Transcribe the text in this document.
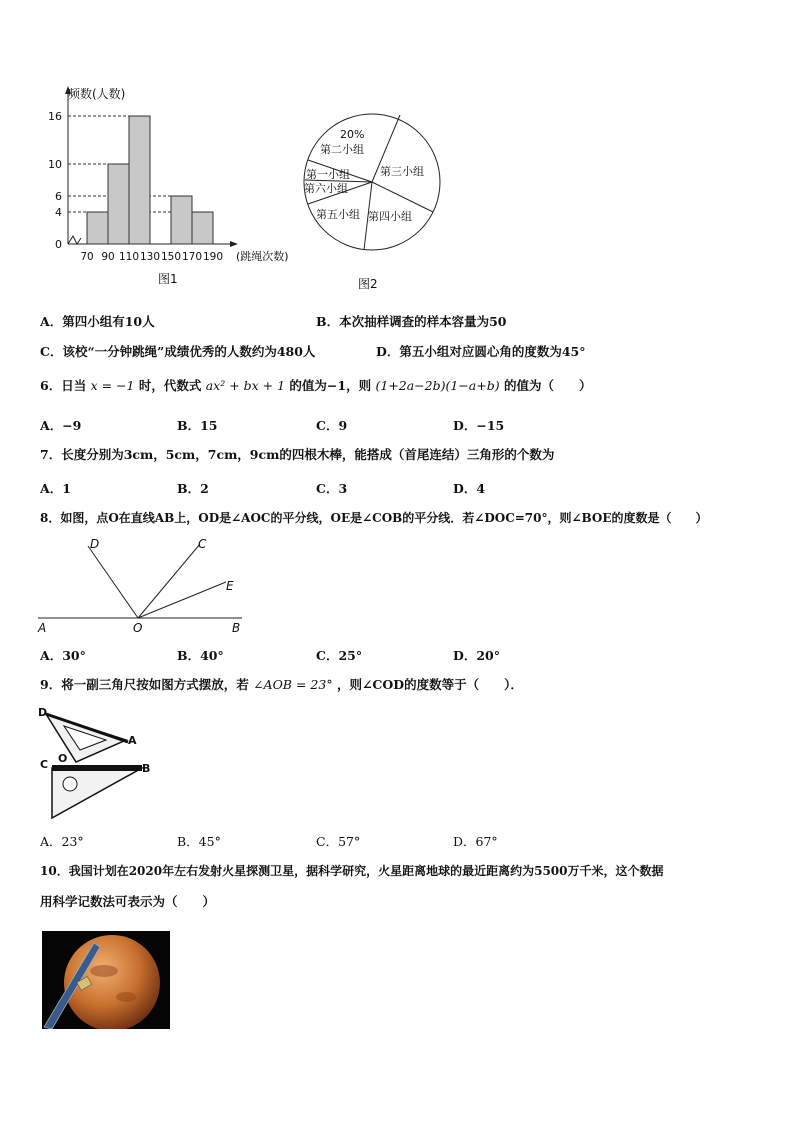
16
10
6
4
0
70 90 110 130 150 170 190
频数(人数)
(跳绳次数)
图1
20%
第二小组
第三小组
第一小组
第六小组
第五小组 第四小组
图2
A．第四小组有10人	B．本次抽样调查的样本容量为50
C．该校“一分钟跳绳”成绩优秀的人数约为480人	D．第五小组对应圆心角的度数为45°
6．日当 x = −1 时，代数式 ax² + bx + 1 的值为−1，则 (1+2a−2b)(1−a+b) 的值为（　　）
A．−9	B．15	C．9	D．−15
7．长度分别为3cm，5cm，7cm，9cm的四根木棒，能搭成（首尾连结）三角形的个数为
A．1	B．2	C．3	D．4
8．如图，点O在直线AB上，OD是∠AOC的平分线，OE是∠COB的平分线．若∠DOC=70°，则∠BOE的度数是（　　）
D	C
E
A	O	B
A．30°	B．40°	C．25°	D．20°
9．将一副三角尺按如图方式摆放，若 ∠AOB = 23° ，则∠COD的度数等于（　　）．
D
A
C O
B
A．23°	B．45°	C．57°	D．67°
10．我国计划在2020年左右发射火星探测卫星，据科学研究，火星距离地球的最近距离约为5500万千米，这个数据
用科学记数法可表示为（　　）
